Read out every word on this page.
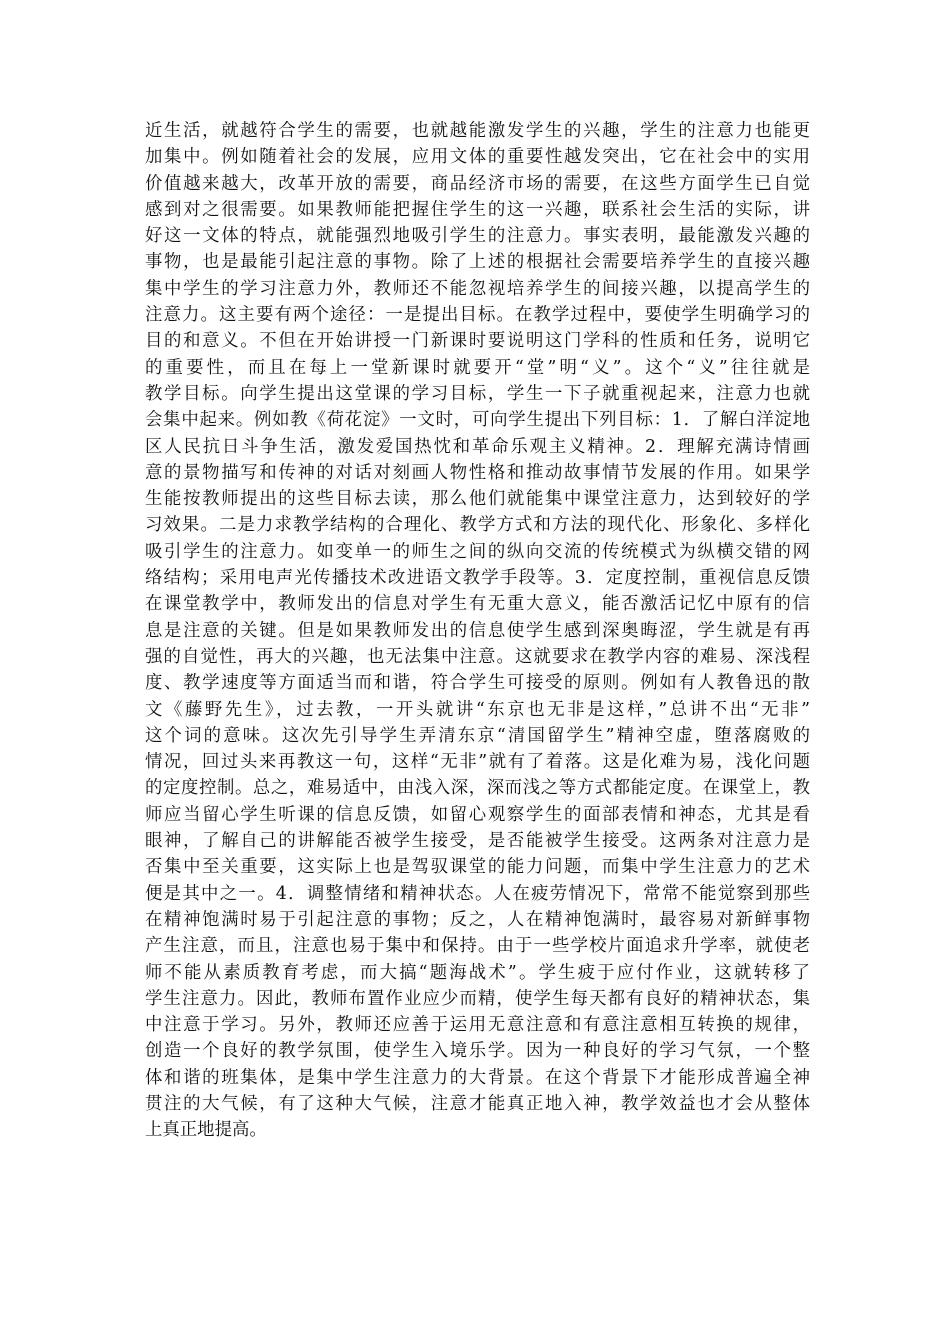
近生活，就越符合学生的需要，也就越能激发学生的兴趣，学生的注意力也能更
加集中。例如随着社会的发展，应用文体的重要性越发突出，它在社会中的实用
价值越来越大，改革开放的需要，商品经济市场的需要，在这些方面学生已自觉
感到对之很需要。如果教师能把握住学生的这一兴趣，联系社会生活的实际，讲
好这一文体的特点，就能强烈地吸引学生的注意力。事实表明，最能激发兴趣的
事物，也是最能引起注意的事物。除了上述的根据社会需要培养学生的直接兴趣
集中学生的学习注意力外，教师还不能忽视培养学生的间接兴趣，以提高学生的
注意力。这主要有两个途径：一是提出目标。在教学过程中，要使学生明确学习的
目的和意义。不但在开始讲授一门新课时要说明这门学科的性质和任务，说明它
的重要性，而且在每上一堂新课时就要开“堂”明“义”。这个“义”往往就是
教学目标。向学生提出这堂课的学习目标，学生一下子就重视起来，注意力也就
会集中起来。例如教《荷花淀》一文时，可向学生提出下列目标：1．了解白洋淀地
区人民抗日斗争生活，激发爱国热忱和革命乐观主义精神。2．理解充满诗情画
意的景物描写和传神的对话对刻画人物性格和推动故事情节发展的作用。如果学
生能按教师提出的这些目标去读，那么他们就能集中课堂注意力，达到较好的学
习效果。二是力求教学结构的合理化、教学方式和方法的现代化、形象化、多样化
吸引学生的注意力。如变单一的师生之间的纵向交流的传统模式为纵横交错的网
络结构；采用电声光传播技术改进语文教学手段等。3．定度控制，重视信息反馈
在课堂教学中，教师发出的信息对学生有无重大意义，能否激活记忆中原有的信
息是注意的关键。但是如果教师发出的信息使学生感到深奥晦涩，学生就是有再
强的自觉性，再大的兴趣，也无法集中注意。这就要求在教学内容的难易、深浅程
度、教学速度等方面适当而和谐，符合学生可接受的原则。例如有人教鲁迅的散
文《藤野先生》，过去教，一开头就讲“东京也无非是这样，”总讲不出“无非”
这个词的意味。这次先引导学生弄清东京“清国留学生”精神空虚，堕落腐败的
情况，回过头来再教这一句，这样“无非”就有了着落。这是化难为易，浅化问题
的定度控制。总之，难易适中，由浅入深，深而浅之等方式都能定度。在课堂上，教
师应当留心学生听课的信息反馈，如留心观察学生的面部表情和神态，尤其是看
眼神，了解自己的讲解能否被学生接受，是否能被学生接受。这两条对注意力是
否集中至关重要，这实际上也是驾驭课堂的能力问题，而集中学生注意力的艺术
便是其中之一。4．调整情绪和精神状态。人在疲劳情况下，常常不能觉察到那些
在精神饱满时易于引起注意的事物；反之，人在精神饱满时，最容易对新鲜事物
产生注意，而且，注意也易于集中和保持。由于一些学校片面追求升学率，就使老
师不能从素质教育考虑，而大搞“题海战术”。学生疲于应付作业，这就转移了
学生注意力。因此，教师布置作业应少而精，使学生每天都有良好的精神状态，集
中注意于学习。另外，教师还应善于运用无意注意和有意注意相互转换的规律，
创造一个良好的教学氛围，使学生入境乐学。因为一种良好的学习气氛，一个整
体和谐的班集体，是集中学生注意力的大背景。在这个背景下才能形成普遍全神
贯注的大气候，有了这种大气候，注意才能真正地入神，教学效益也才会从整体
上真正地提高。
